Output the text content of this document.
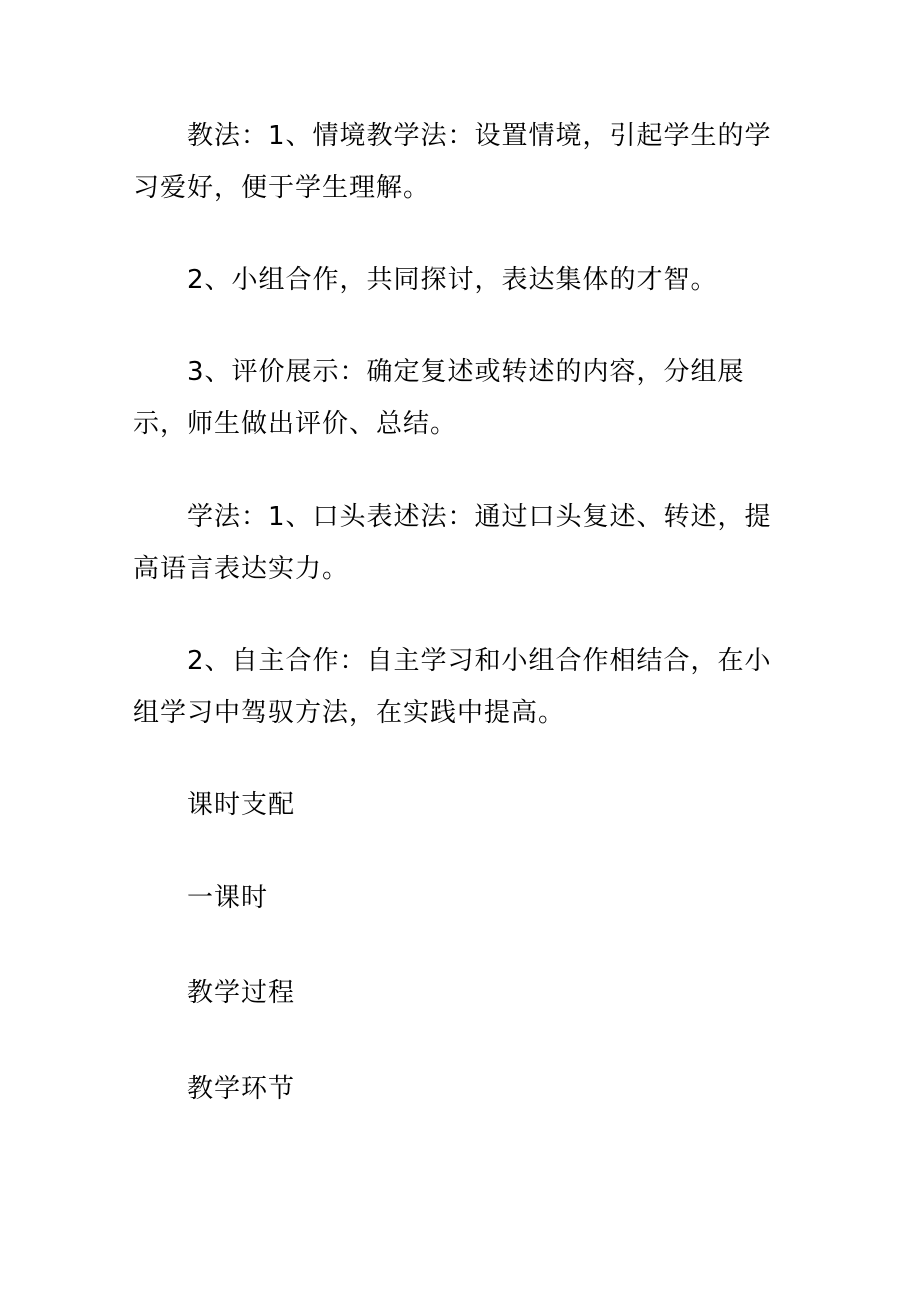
教法：1、情境教学法：设置情境，引起学生的学习爱好，便于学生理解。

2、小组合作，共同探讨，表达集体的才智。

3、评价展示：确定复述或转述的内容，分组展示，师生做出评价、总结。

学法：1、口头表述法：通过口头复述、转述，提高语言表达实力。

2、自主合作：自主学习和小组合作相结合，在小组学习中驾驭方法，在实践中提高。

课时支配

一课时

教学过程

教学环节
